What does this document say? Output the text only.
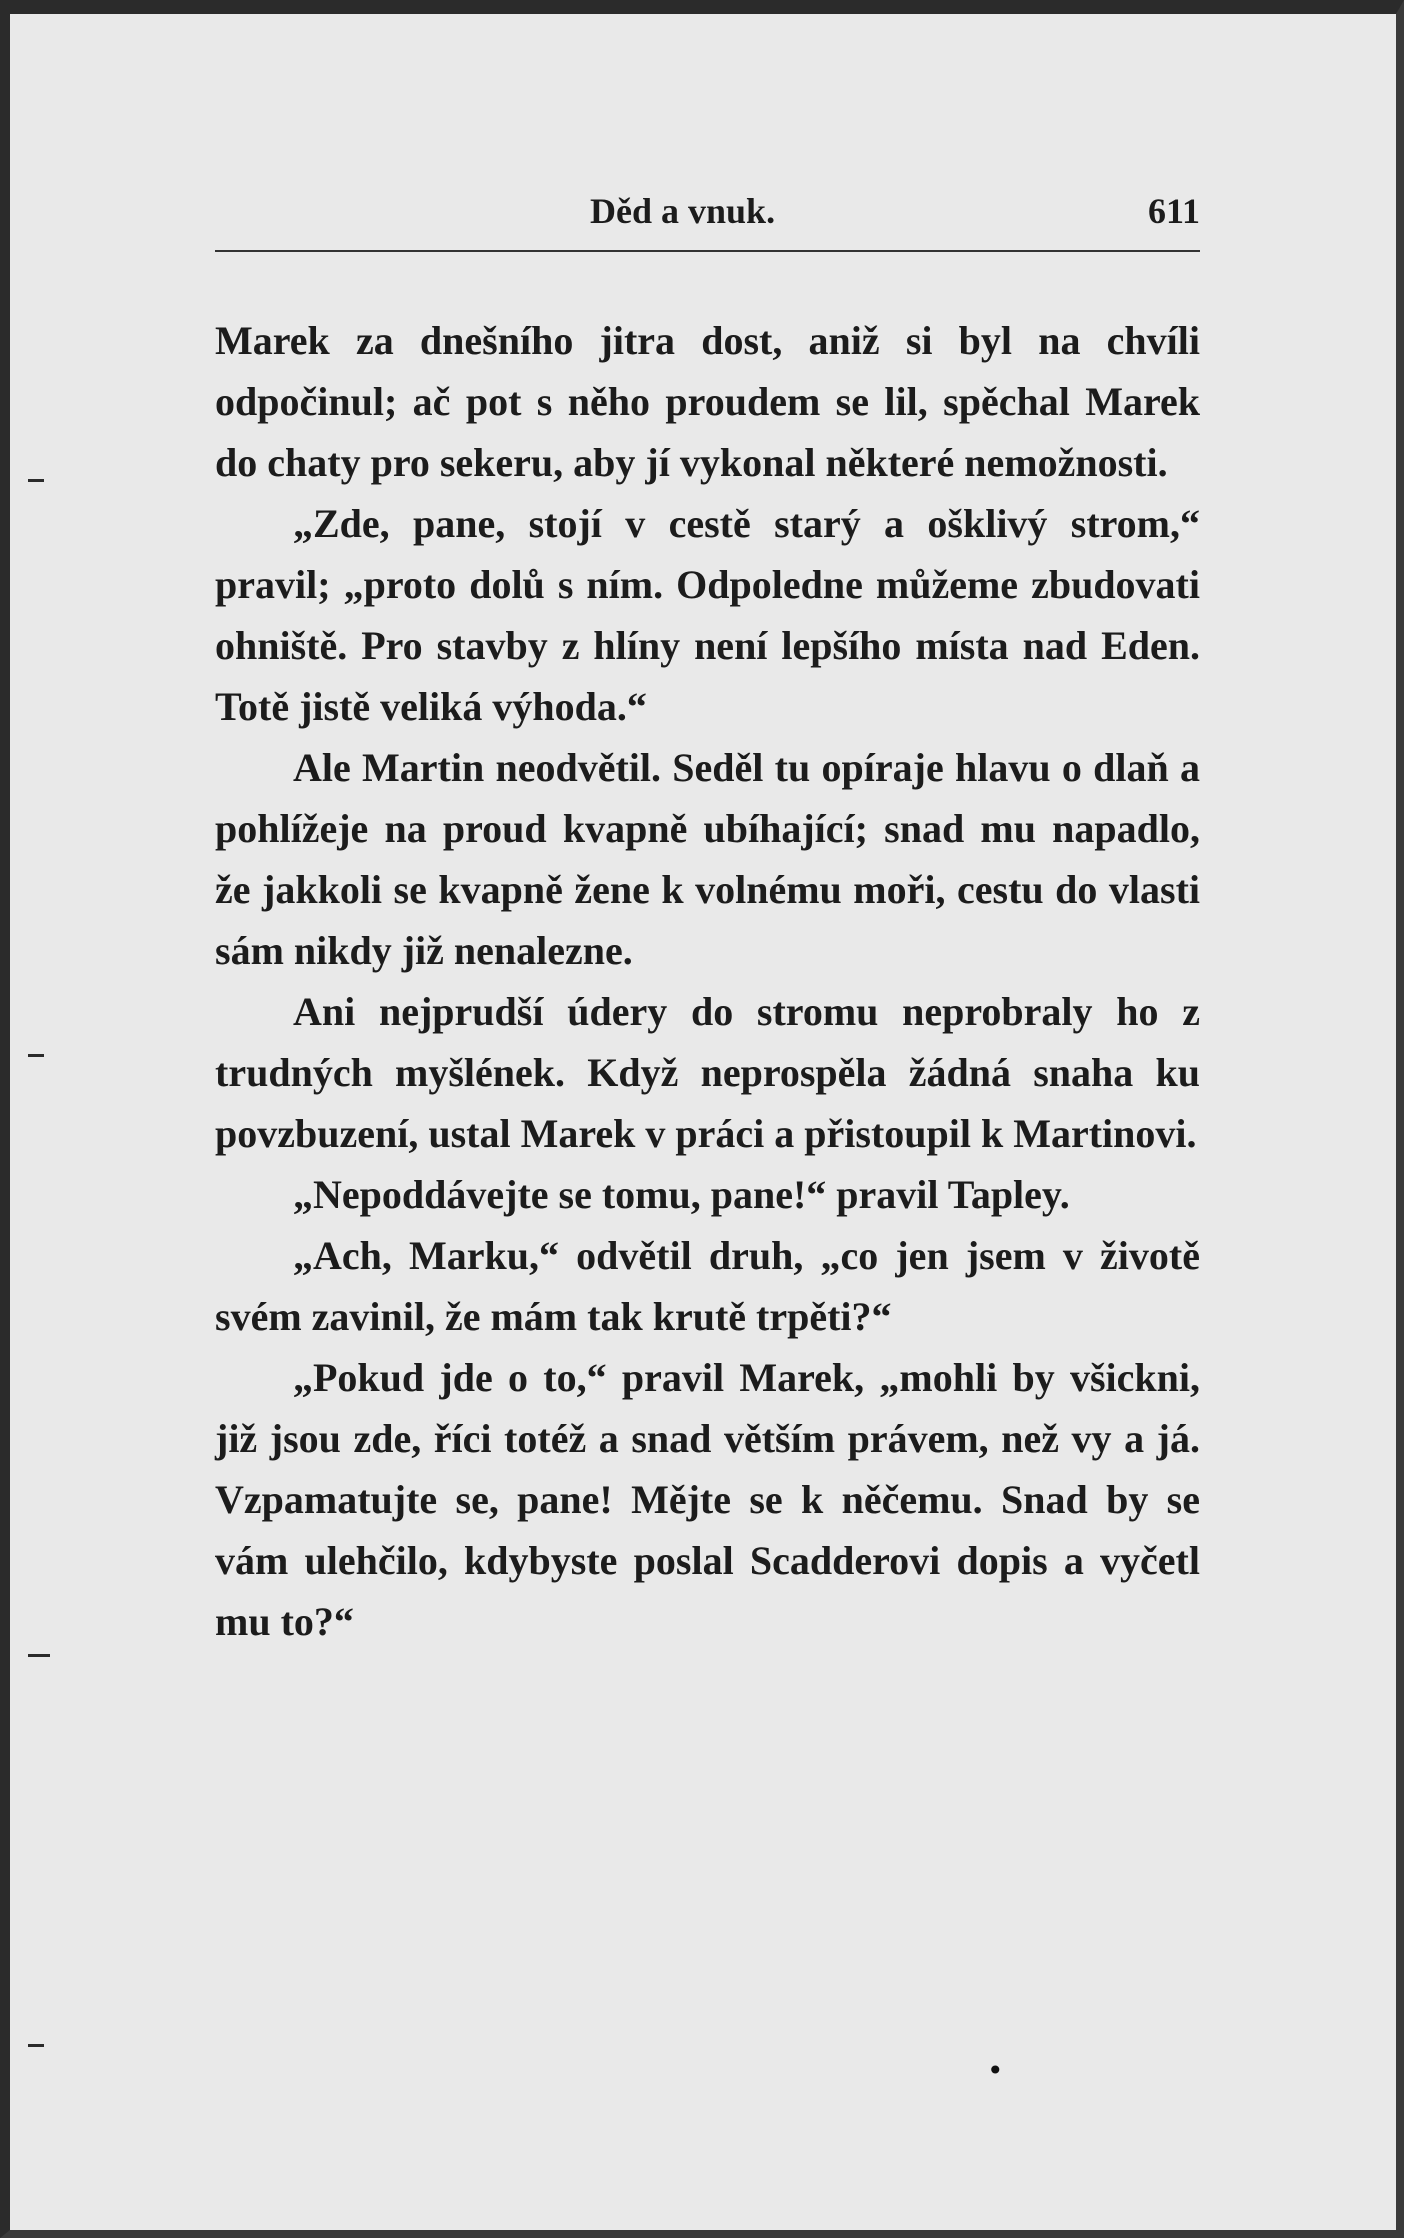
Děd a vnuk.	611

Marek za dnešního jitra dost, aniž si byl na chvíli odpočinul; ač pot s něho proudem se lil, spěchal Marek do chaty pro sekeru, aby jí vykonal některé nemožnosti.

„Zde, pane, stojí v cestě starý a ošklivý strom,“ pravil; „proto dolů s ním. Odpoledne můžeme zbudovati ohniště. Pro stavby z hlíny není lepšího místa nad Eden. Totě jistě veliká výhoda.“

Ale Martin neodvětil. Seděl tu opíraje hlavu o dlaň a pohlížeje na proud kvapně ubíhající; snad mu napadlo, že jakkoli se kvapně žene k volnému moři, cestu do vlasti sám nikdy již nenalezne.

Ani nejprudší údery do stromu neprobraly ho z trudných myšlének. Když neprospěla žádná snaha ku povzbuzení, ustal Marek v práci a přistoupil k Martinovi.

„Nepoddávejte se tomu, pane!“ pravil Tapley.

„Ach, Marku,“ odvětil druh, „co jen jsem v životě svém zavinil, že mám tak krutě trpěti?“

„Pokud jde o to,“ pravil Marek, „mohli by všickni, již jsou zde, říci totéž a snad větším právem, než vy a já. Vzpamatujte se, pane! Mějte se k něčemu. Snad by se vám ulehčilo, kdybyste poslal Scadderovi dopis a vyčetl mu to?“

•
